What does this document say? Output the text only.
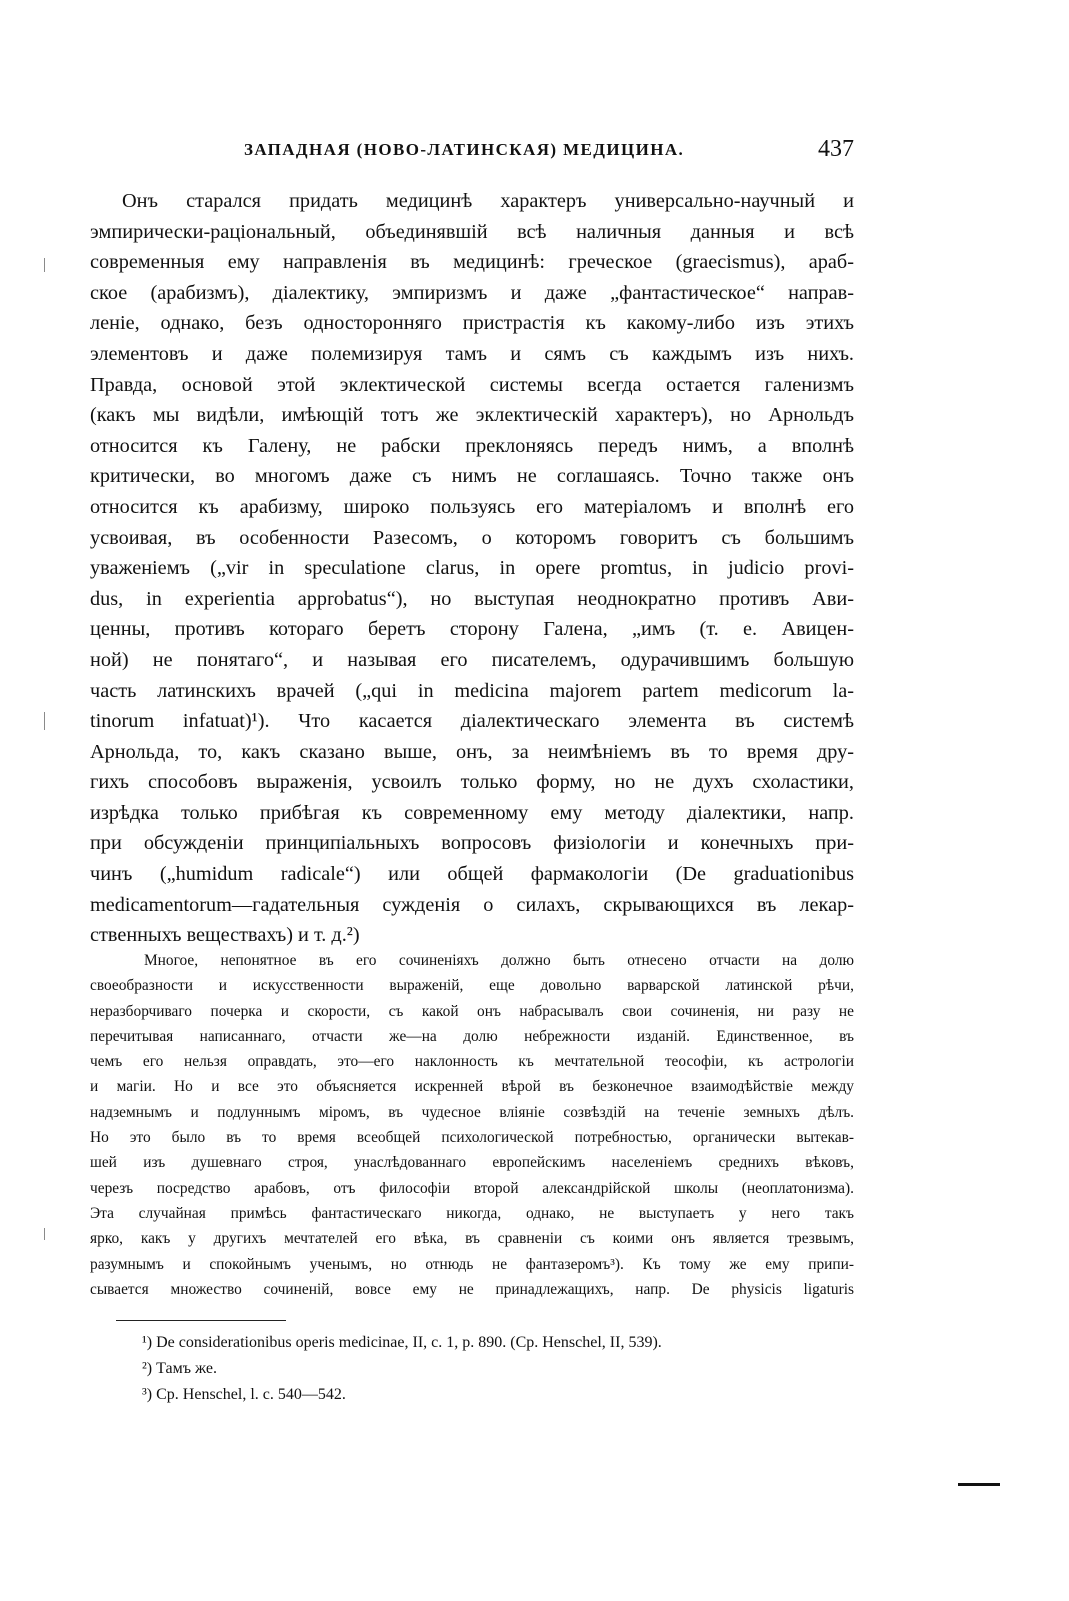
ЗАПАДНАЯ (НОВО-ЛАТИНСКАЯ) МЕДИЦИНА.	437
Онъ старался придать медицинѣ характеръ универсально-научный и
эмпирически-раціональный, объединявшій всѣ наличныя данныя и всѣ
современныя ему направленія въ медицинѣ: греческое (graecismus), араб-
ское (арабизмъ), діалектику, эмпиризмъ и даже „фантастическое“ направ-
леніе, однако, безъ односторонняго пристрастія къ какому-либо изъ этихъ
элементовъ и даже полемизируя тамъ и сямъ съ каждымъ изъ нихъ.
Правда, основой этой эклектической системы всегда остается галенизмъ
(какъ мы видѣли, имѣющій тотъ же эклектическій характеръ), но Арнольдъ
относится къ Галену, не рабски преклоняясь передъ нимъ, а вполнѣ
критически, во многомъ даже съ нимъ не соглашаясь. Точно также онъ
относится къ арабизму, широко пользуясь его матеріаломъ и вполнѣ его
усвоивая, въ особенности Разесомъ, о которомъ говоритъ съ большимъ
уваженіемъ („vir in speculatione clarus, in opere promtus, in judicio provi-
dus, in experientia approbatus“), но выступая неоднократно противъ Ави-
ценны, противъ котораго беретъ сторону Галена, „имъ (т. е. Авицен-
ной) не понятаго“, и называя его писателемъ, одурачившимъ большую
часть латинскихъ врачей („qui in medicina majorem partem medicorum la-
tinorum infatuat)¹). Что касается діалектическаго элемента въ системѣ
Арнольда, то, какъ сказано выше, онъ, за неимѣніемъ въ то время дру-
гихъ способовъ выраженія, усвоилъ только форму, но не духъ схоластики,
изрѣдка только прибѣгая къ современному ему методу діалектики, напр.
при обсужденіи принципіальныхъ вопросовъ физіологіи и конечныхъ при-
чинъ („humidum radicale“) или общей фармакологіи (De graduationibus
medicamentorum—гадательныя сужденія о силахъ, скрывающихся въ лекар-
ственныхъ веществахъ) и т. д.²)
Многое, непонятное въ его сочиненіяхъ должно быть отнесено отчасти на долю
своеобразности и искусственности выраженій, еще довольно варварской латинской рѣчи,
неразборчиваго почерка и скорости, съ какой онъ набрасывалъ свои сочиненія, ни разу не
перечитывая написаннаго, отчасти же—на долю небрежности изданій. Единственное, въ
чемъ его нельзя оправдать, это—его наклонность къ мечтательной теософіи, къ астрологіи
и магіи. Но и все это объясняется искренней вѣрой въ безконечное взаимодѣйствіе между
надземнымъ и подлуннымъ міромъ, въ чудесное вліяніе созвѣздій на теченіе земныхъ дѣлъ.
Но это было въ то время всеобщей психологической потребностью, органически вытекав-
шей изъ душевнаго строя, унаслѣдованнаго европейскимъ населеніемъ среднихъ вѣковъ,
черезъ посредство арабовъ, отъ философіи второй александрійской школы (неоплатонизма).
Эта случайная примѣсь фантастическаго никогда, однако, не выступаетъ у него такъ
ярко, какъ у другихъ мечтателей его вѣка, въ сравненіи съ коими онъ является трезвымъ,
разумнымъ и спокойнымъ ученымъ, но отнюдь не фантазеромъ³). Къ тому же ему припи-
сывается множество сочиненій, вовсе ему не принадлежащихъ, напр. De physicis ligaturis
¹) De considerationibus operis medicinae, II, c. 1, p. 890. (Ср. Henschel, II, 539).
²) Тамъ же.
³) Ср. Henschel, l. c. 540—542.
